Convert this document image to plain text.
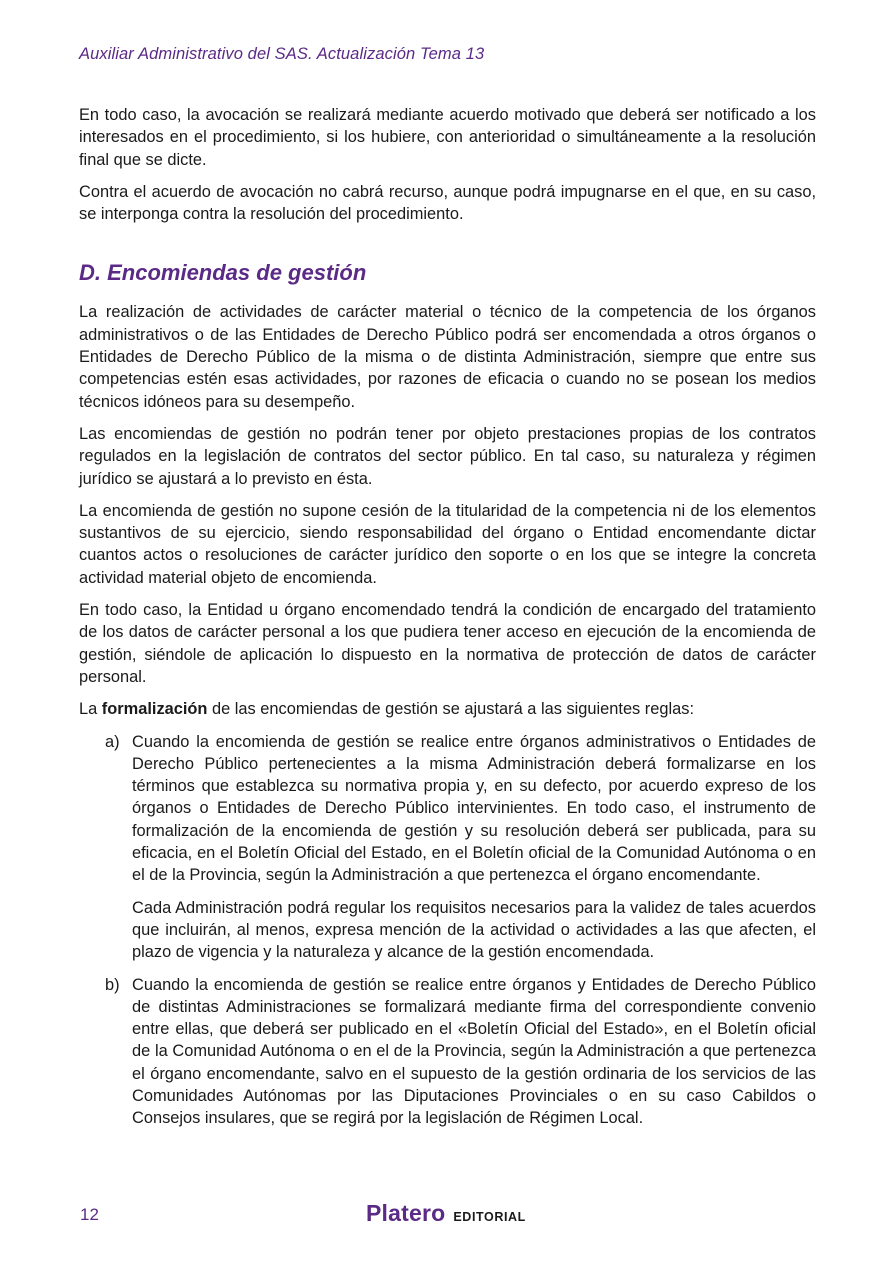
Auxiliar Administrativo del SAS. Actualización Tema 13

En todo caso, la avocación se realizará mediante acuerdo motivado que deberá ser notificado a los interesados en el procedimiento, si los hubiere, con anterioridad o simultáneamente a la resolución final que se dicte.

Contra el acuerdo de avocación no cabrá recurso, aunque podrá impugnarse en el que, en su caso, se interponga contra la resolución del procedimiento.

D. Encomiendas de gestión

La realización de actividades de carácter material o técnico de la competencia de los órganos administrativos o de las Entidades de Derecho Público podrá ser encomendada a otros órganos o Entidades de Derecho Público de la misma o de distinta Administración, siempre que entre sus competencias estén esas actividades, por razones de eficacia o cuando no se posean los medios técnicos idóneos para su desempeño.

Las encomiendas de gestión no podrán tener por objeto prestaciones propias de los contratos regulados en la legislación de contratos del sector público. En tal caso, su naturaleza y régimen jurídico se ajustará a lo previsto en ésta.

La encomienda de gestión no supone cesión de la titularidad de la competencia ni de los elementos sustantivos de su ejercicio, siendo responsabilidad del órgano o Entidad encomendante dictar cuantos actos o resoluciones de carácter jurídico den soporte o en los que se integre la concreta actividad material objeto de encomienda.

En todo caso, la Entidad u órgano encomendado tendrá la condición de encargado del tratamiento de los datos de carácter personal a los que pudiera tener acceso en ejecución de la encomienda de gestión, siéndole de aplicación lo dispuesto en la normativa de protección de datos de carácter personal.

La formalización de las encomiendas de gestión se ajustará a las siguientes reglas:

a) Cuando la encomienda de gestión se realice entre órganos administrativos o Entidades de Derecho Público pertenecientes a la misma Administración deberá formalizarse en los términos que establezca su normativa propia y, en su defecto, por acuerdo expreso de los órganos o Entidades de Derecho Público intervinientes. En todo caso, el instrumento de formalización de la encomienda de gestión y su resolución deberá ser publicada, para su eficacia, en el Boletín Oficial del Estado, en el Boletín oficial de la Comunidad Autónoma o en el de la Provincia, según la Administración a que pertenezca el órgano encomendante.

Cada Administración podrá regular los requisitos necesarios para la validez de tales acuerdos que incluirán, al menos, expresa mención de la actividad o actividades a las que afecten, el plazo de vigencia y la naturaleza y alcance de la gestión encomendada.

b) Cuando la encomienda de gestión se realice entre órganos y Entidades de Derecho Público de distintas Administraciones se formalizará mediante firma del correspondiente convenio entre ellas, que deberá ser publicado en el «Boletín Oficial del Estado», en el Boletín oficial de la Comunidad Autónoma o en el de la Provincia, según la Administración a que pertenezca el órgano encomendante, salvo en el supuesto de la gestión ordinaria de los servicios de las Comunidades Autónomas por las Diputaciones Provinciales o en su caso Cabildos o Consejos insulares, que se regirá por la legislación de Régimen Local.

12	Platero EDITORIAL
